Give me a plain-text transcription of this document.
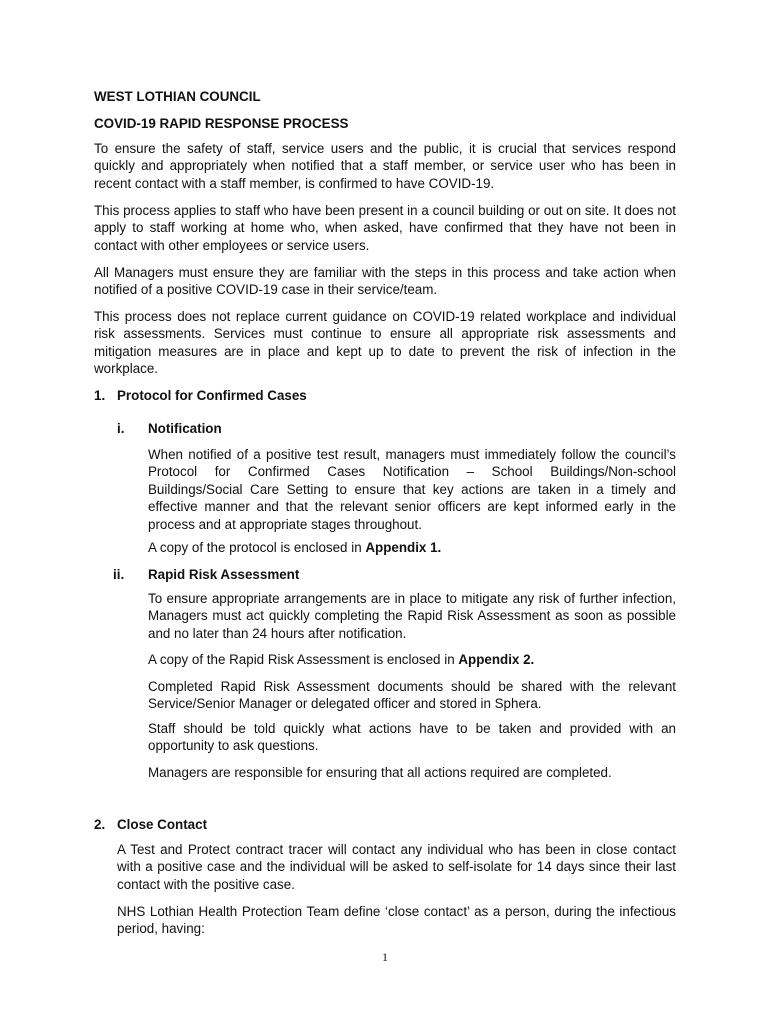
WEST LOTHIAN COUNCIL
COVID-19 RAPID RESPONSE PROCESS

To ensure the safety of staff, service users and the public, it is crucial that services respond quickly and appropriately when notified that a staff member, or service user who has been in recent contact with a staff member, is confirmed to have COVID-19.

This process applies to staff who have been present in a council building or out on site. It does not apply to staff working at home who, when asked, have confirmed that they have not been in contact with other employees or service users.

All Managers must ensure they are familiar with the steps in this process and take action when notified of a positive COVID-19 case in their service/team.

This process does not replace current guidance on COVID-19 related workplace and individual risk assessments. Services must continue to ensure all appropriate risk assessments and mitigation measures are in place and kept up to date to prevent the risk of infection in the workplace.

1. Protocol for Confirmed Cases
i. Notification

When notified of a positive test result, managers must immediately follow the council’s Protocol for Confirmed Cases Notification – School Buildings/Non-school Buildings/Social Care Setting to ensure that key actions are taken in a timely and effective manner and that the relevant senior officers are kept informed early in the process and at appropriate stages throughout.

A copy of the protocol is enclosed in Appendix 1.

ii. Rapid Risk Assessment

To ensure appropriate arrangements are in place to mitigate any risk of further infection, Managers must act quickly completing the Rapid Risk Assessment as soon as possible and no later than 24 hours after notification.

A copy of the Rapid Risk Assessment is enclosed in Appendix 2.

Completed Rapid Risk Assessment documents should be shared with the relevant Service/Senior Manager or delegated officer and stored in Sphera.

Staff should be told quickly what actions have to be taken and provided with an opportunity to ask questions.

Managers are responsible for ensuring that all actions required are completed.

2. Close Contact

A Test and Protect contract tracer will contact any individual who has been in close contact with a positive case and the individual will be asked to self-isolate for 14 days since their last contact with the positive case.

NHS Lothian Health Protection Team define ‘close contact’ as a person, during the infectious period, having:

1
